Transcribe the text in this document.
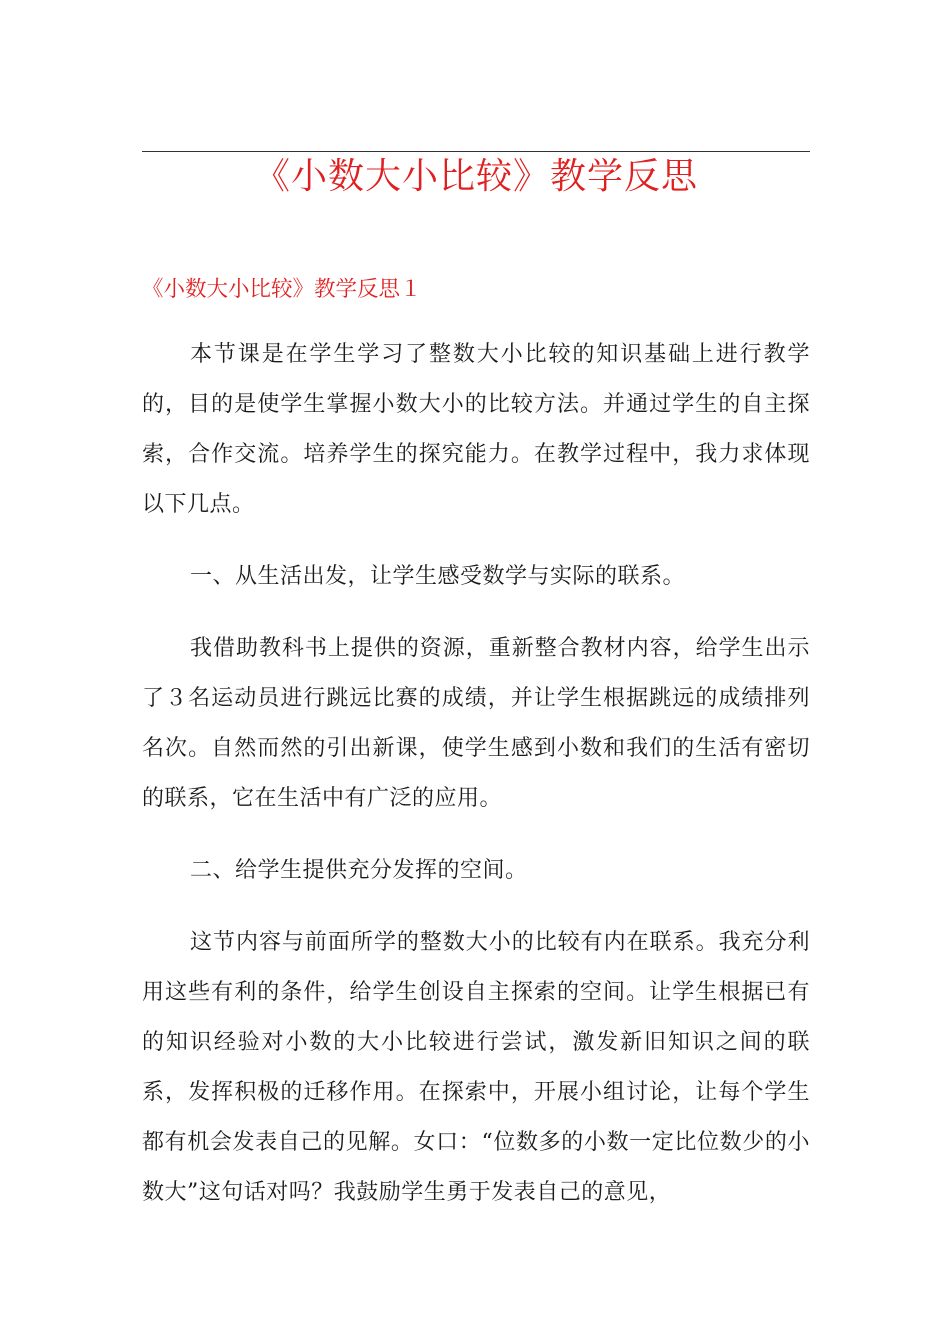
《小数大小比较》教学反思
《小数大小比较》教学反思１

本节课是在学生学习了整数大小比较的知识基础上进行教学的，目的是使学生掌握小数大小的比较方法。并通过学生的自主探索，合作交流。培养学生的探究能力。在教学过程中，我力求体现以下几点。

一、从生活出发，让学生感受数学与实际的联系。

我借助教科书上提供的资源，重新整合教材内容，给学生出示了３名运动员进行跳远比赛的成绩，并让学生根据跳远的成绩排列名次。自然而然的引出新课，使学生感到小数和我们的生活有密切的联系，它在生活中有广泛的应用。

二、给学生提供充分发挥的空间。

这节内容与前面所学的整数大小的比较有内在联系。我充分利用这些有利的条件，给学生创设自主探索的空间。让学生根据已有的知识经验对小数的大小比较进行尝试，激发新旧知识之间的联系，发挥积极的迁移作用。在探索中，开展小组讨论，让每个学生都有机会发表自己的见解。女口：“位数多的小数一定比位数少的小数大”这句话对吗？我鼓励学生勇于发表自己的意见，
